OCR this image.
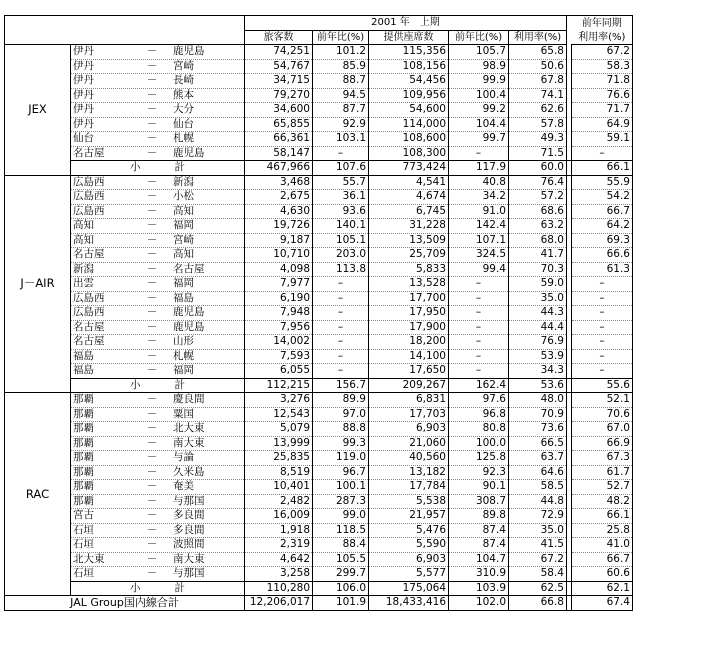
		2001 年　上期						前年同期
		旅客数	前年比(%)	提供座席数	前年比(%)	利用率(%)		利用率(%)
JEX	伊丹 － 鹿児島	74,251	101.2	115,356	105.7	65.8		67.2

	伊丹 － 宮崎	54,767	85.9	108,156	98.9	50.6		58.3

	伊丹 － 長崎	34,715	88.7	54,456	99.9	67.8		71.8

	伊丹 － 熊本	79,270	94.5	109,956	100.4	74.1		76.6

	伊丹 － 大分	34,600	87.7	54,600	99.2	62.6		71.7

	伊丹 － 仙台	65,855	92.9	114,000	104.4	57.8		64.9

	仙台 － 札幌	66,361	103.1	108,600	99.7	49.3		59.1

	名古屋 － 鹿児島	58,147	–	108,300	–	71.5		–

	小 計	467,966	107.6	773,424	117.9	60.0		66.1
J－AIR	広島西 － 新潟	3,468	55.7	4,541	40.8	76.4		55.9

	広島西 － 小松	2,675	36.1	4,674	34.2	57.2		54.2

	広島西 － 高知	4,630	93.6	6,745	91.0	68.6		66.7

	高知 － 福岡	19,726	140.1	31,228	142.4	63.2		64.2

	高知 － 宮崎	9,187	105.1	13,509	107.1	68.0		69.3

	名古屋 － 高知	10,710	203.0	25,709	324.5	41.7		66.6

	新潟 － 名古屋	4,098	113.8	5,833	99.4	70.3		61.3

	出雲 － 福岡	7,977	–	13,528	–	59.0		–

	広島西 － 福島	6,190	–	17,700	–	35.0		–

	広島西 － 鹿児島	7,948	–	17,950	–	44.3		–

	名古屋 － 鹿児島	7,956	–	17,900	–	44.4		–

	名古屋 － 山形	14,002	–	18,200	–	76.9		–

	福島 － 札幌	7,593	–	14,100	–	53.9		–

	福島 － 福岡	6,055	–	17,650	–	34.3		–

	小 計	112,215	156.7	209,267	162.4	53.6		55.6
RAC	那覇 － 慶良間	3,276	89.9	6,831	97.6	48.0		52.1

	那覇 － 粟国	12,543	97.0	17,703	96.8	70.9		70.6

	那覇 － 北大東	5,079	88.8	6,903	80.8	73.6		67.0

	那覇 － 南大東	13,999	99.3	21,060	100.0	66.5		66.9

	那覇 － 与論	25,835	119.0	40,560	125.8	63.7		67.3

	那覇 － 久米島	8,519	96.7	13,182	92.3	64.6		61.7

	那覇 － 奄美	10,401	100.1	17,784	90.1	58.5		52.7

	那覇 － 与那国	2,482	287.3	5,538	308.7	44.8		48.2

	宮古 － 多良間	16,009	99.0	21,957	89.8	72.9		66.1

	石垣 － 多良間	1,918	118.5	5,476	87.4	35.0		25.8

	石垣 － 波照間	2,319	88.4	5,590	87.4	41.5		41.0

	北大東 － 南大東	4,642	105.5	6,903	104.7	67.2		66.7

	石垣 － 与那国	3,258	299.7	5,577	310.9	58.4		60.6

	小 計	110,280	106.0	175,064	103.9	62.5		62.1
JAL Group国内線合計		12,206,017	101.9	18,433,416	102.0	66.8		67.4
